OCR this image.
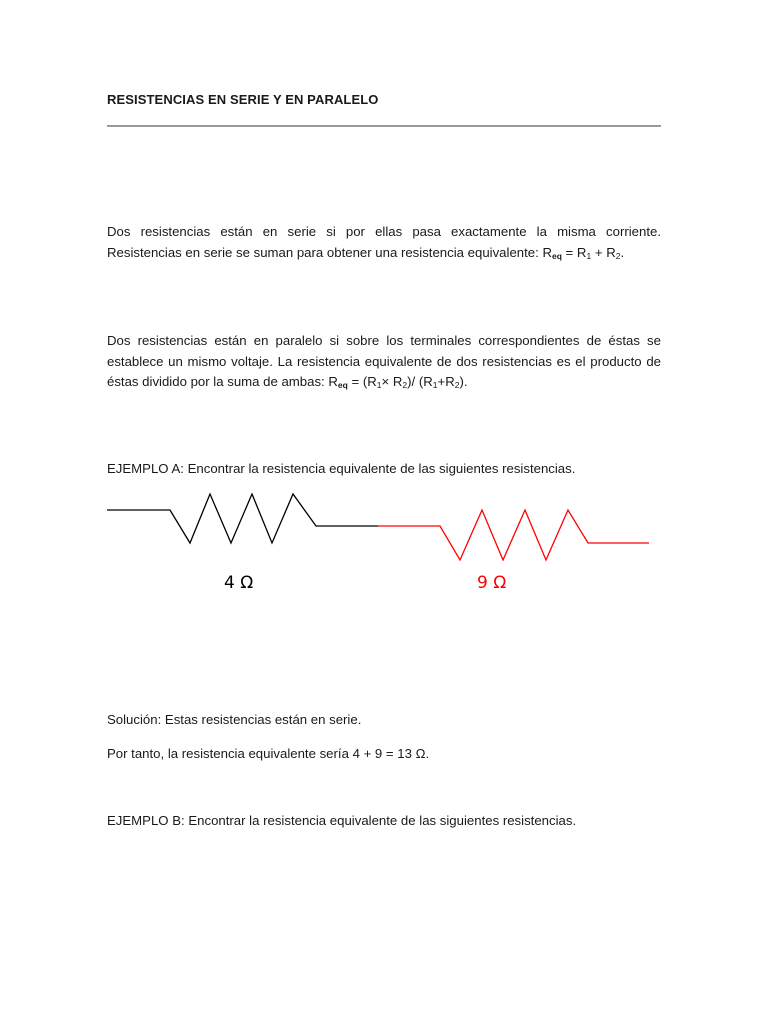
RESISTENCIAS EN SERIE Y EN PARALELO
Dos resistencias están en serie si por ellas pasa exactamente la misma corriente. Resistencias en serie se suman para obtener una resistencia equivalente: $R_{eq} = R_1 + R_2$.
Dos resistencias están en paralelo si sobre los terminales correspondientes de éstas se establece un mismo voltaje. La resistencia equivalente de dos resistencias es el producto de éstas dividido por la suma de ambas: $R_{eq} = (R_1\times R_2)/$ $(R_1+R_2)$.
EJEMPLO A: Encontrar la resistencia equivalente de las siguientes resistencias.
4 Ω	9 Ω
Solución: Estas resistencias están en serie.
Por tanto, la resistencia equivalente sería 4 + 9 = 13 Ω.
EJEMPLO B: Encontrar la resistencia equivalente de las siguientes resistencias.
